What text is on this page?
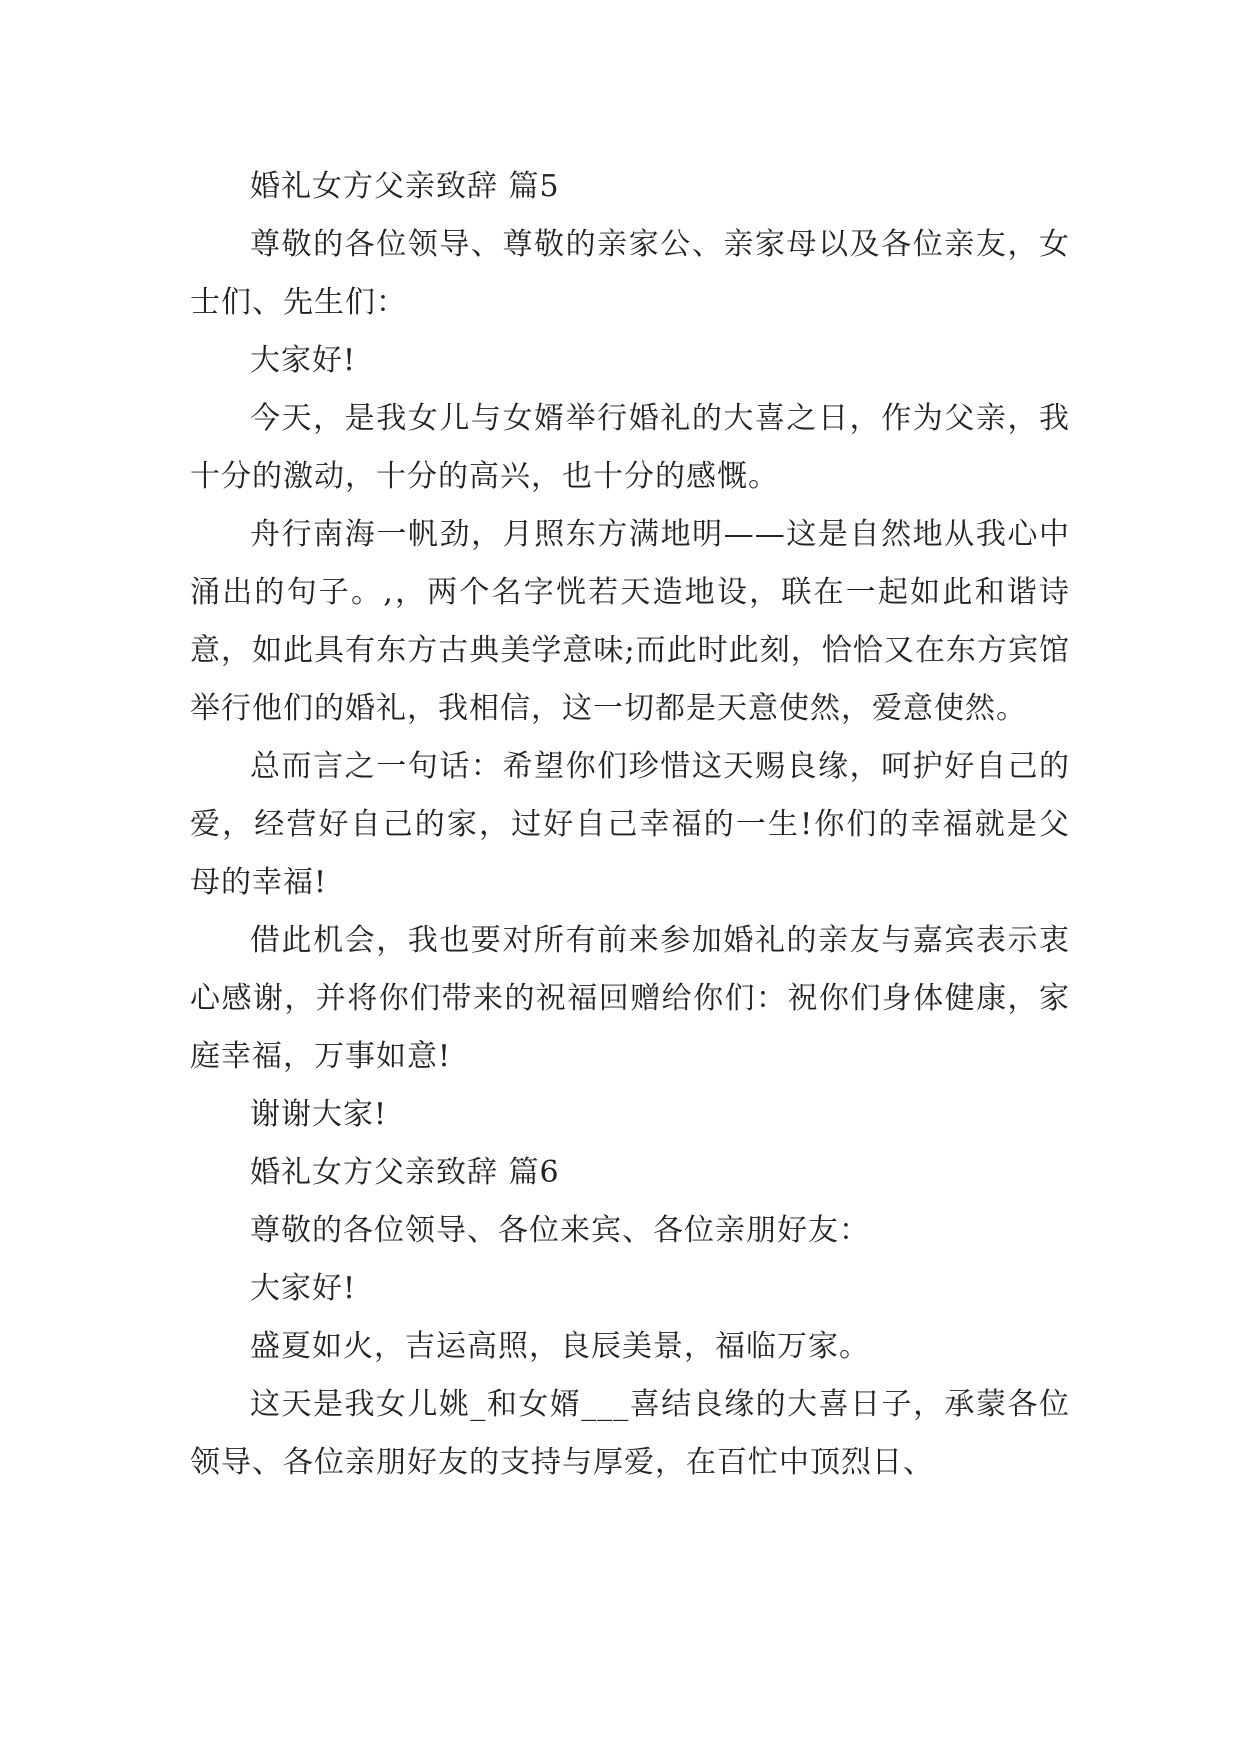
婚礼女方父亲致辞 篇5

尊敬的各位领导、尊敬的亲家公、亲家母以及各位亲友，女士们、先生们：

大家好!

今天，是我女儿与女婿举行婚礼的大喜之日，作为父亲，我十分的激动，十分的高兴，也十分的感慨。

舟行南海一帆劲，月照东方满地明——这是自然地从我心中涌出的句子。,，两个名字恍若天造地设，联在一起如此和谐诗意，如此具有东方古典美学意味;而此时此刻，恰恰又在东方宾馆举行他们的婚礼，我相信，这一切都是天意使然，爱意使然。

总而言之一句话：希望你们珍惜这天赐良缘，呵护好自己的爱，经营好自己的家，过好自己幸福的一生!你们的幸福就是父母的幸福!

借此机会，我也要对所有前来参加婚礼的亲友与嘉宾表示衷心感谢，并将你们带来的祝福回赠给你们：祝你们身体健康，家庭幸福，万事如意!

谢谢大家!

婚礼女方父亲致辞 篇6

尊敬的各位领导、各位来宾、各位亲朋好友：

大家好!

盛夏如火，吉运高照，良辰美景，福临万家。

这天是我女儿姚_和女婿___喜结良缘的大喜日子，承蒙各位领导、各位亲朋好友的支持与厚爱，在百忙中顶烈日、
